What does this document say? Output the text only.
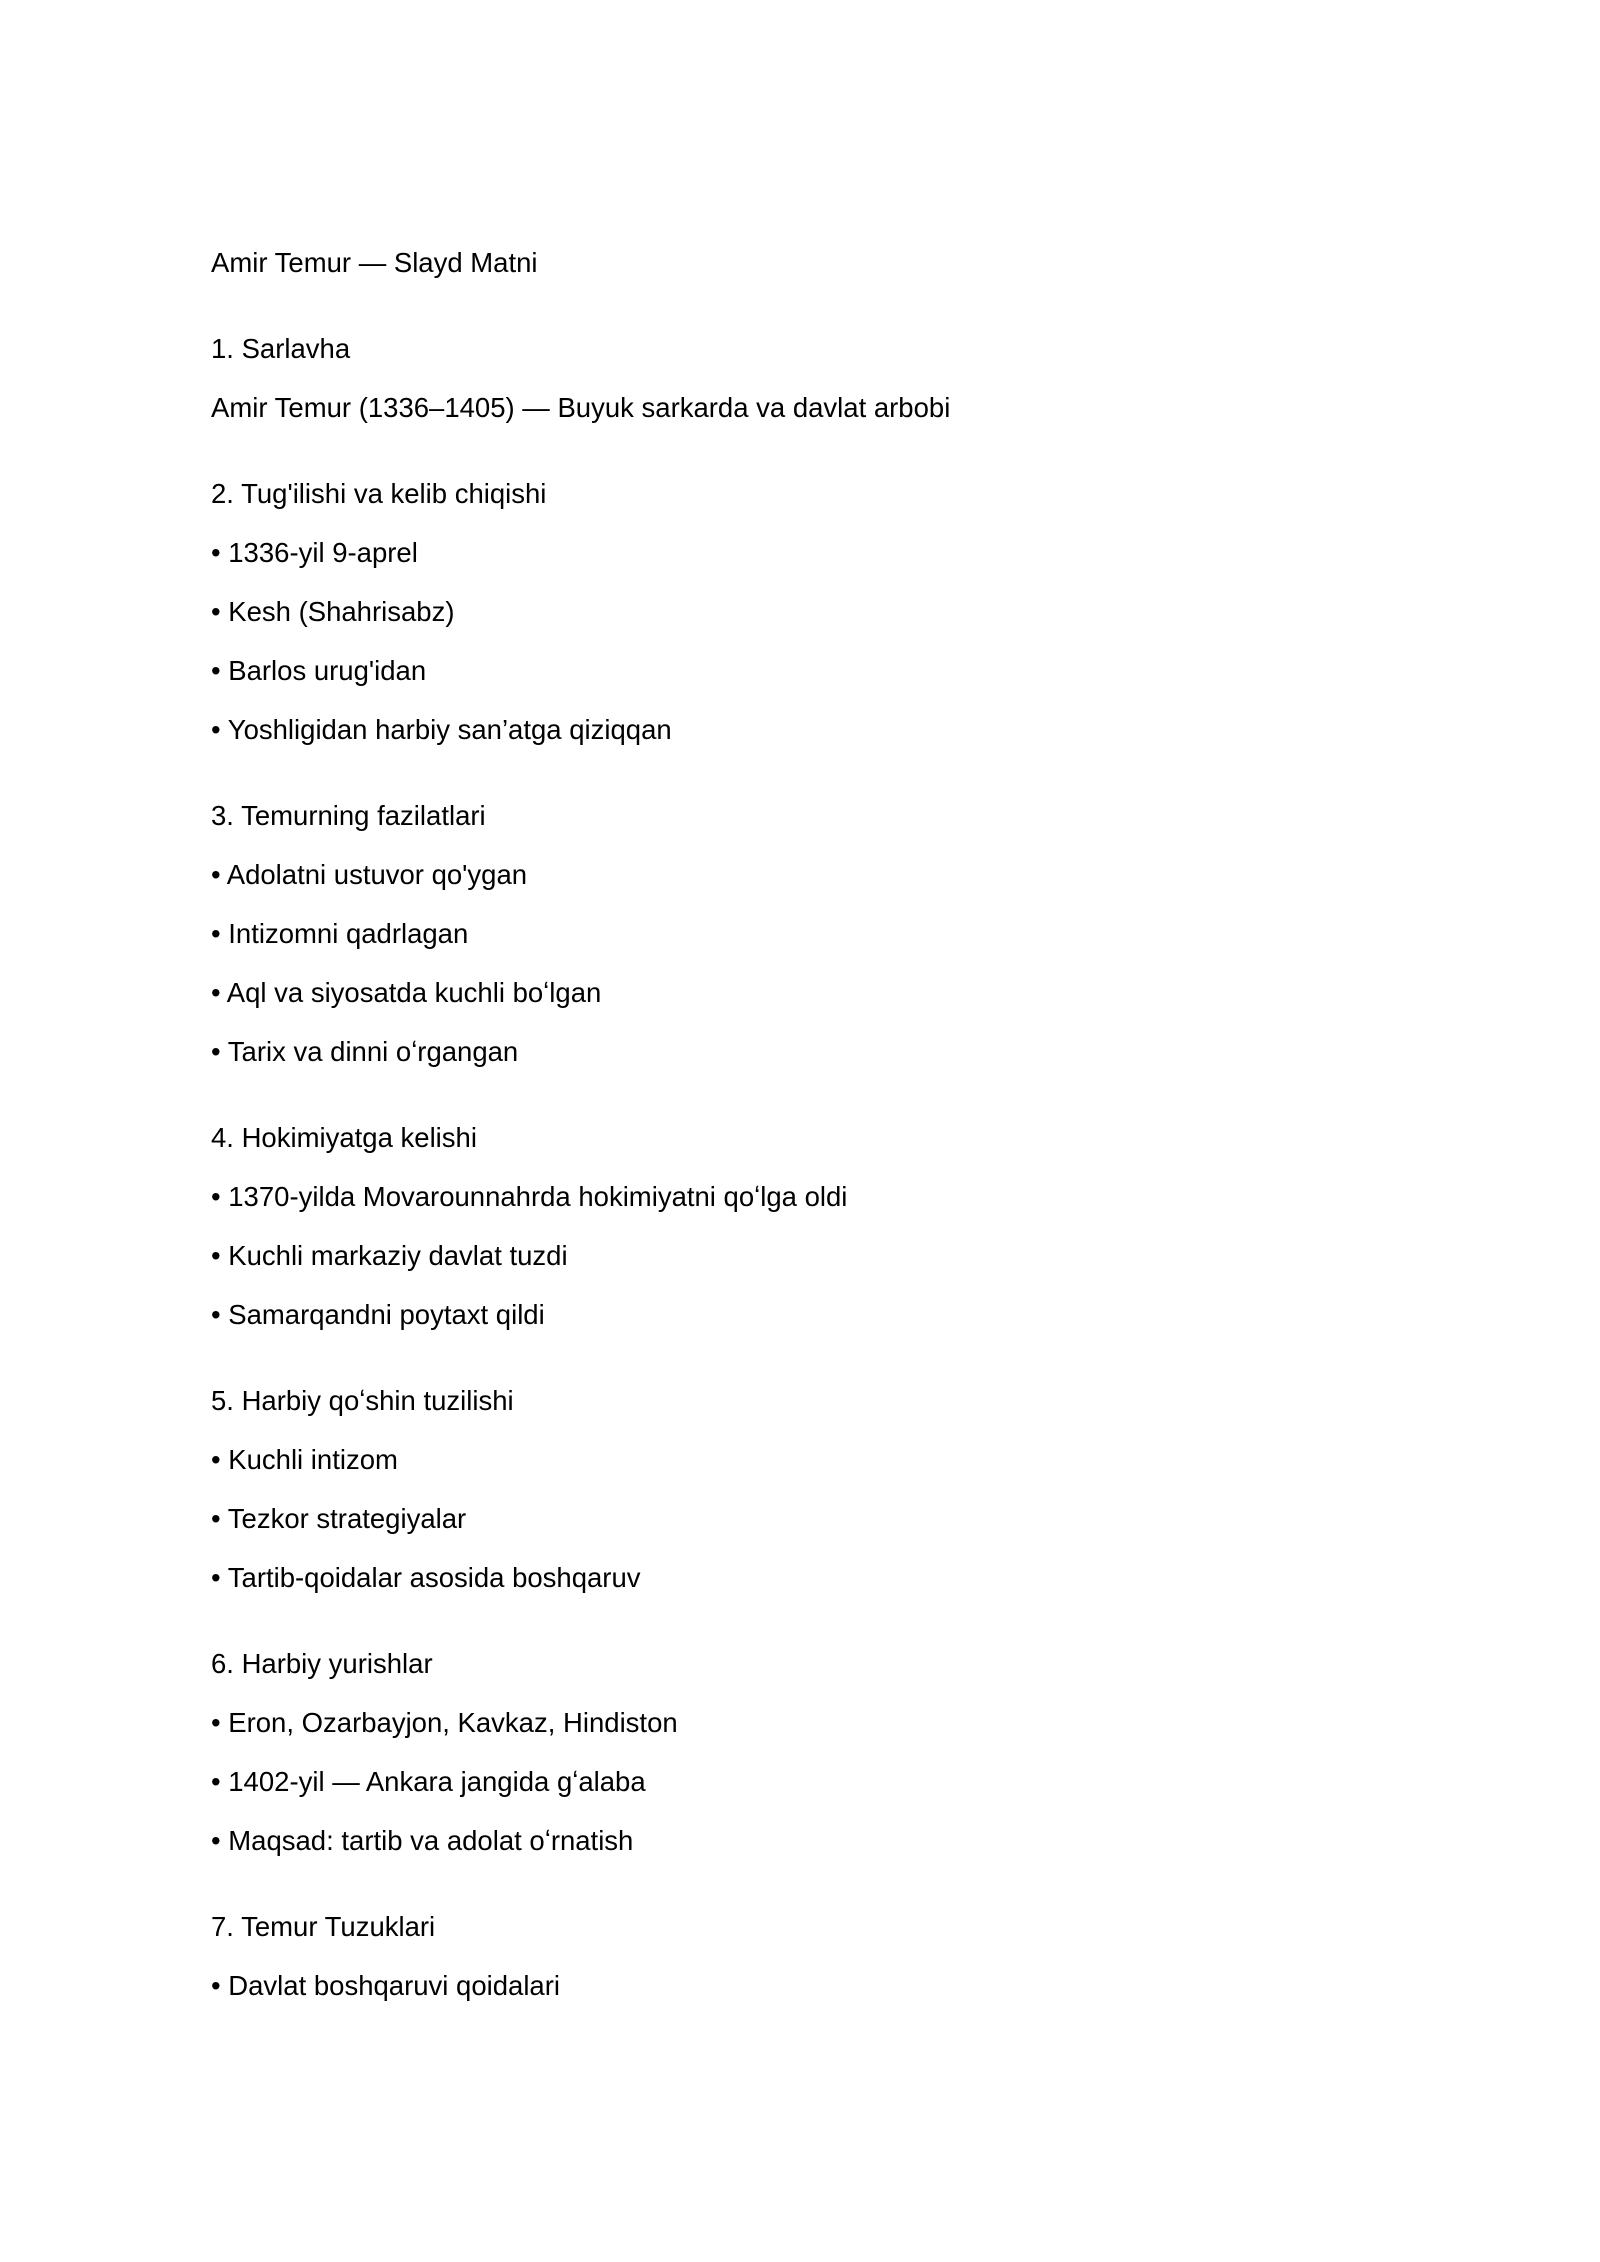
Amir Temur — Slayd Matni
1. Sarlavha
Amir Temur (1336–1405) — Buyuk sarkarda va davlat arbobi
2. Tug'ilishi va kelib chiqishi
• 1336-yil 9-aprel
• Kesh (Shahrisabz)
• Barlos urug'idan
• Yoshligidan harbiy san’atga qiziqqan
3. Temurning fazilatlari
• Adolatni ustuvor qo'ygan
• Intizomni qadrlagan
• Aql va siyosatda kuchli boʻlgan
• Tarix va dinni oʻrgangan
4. Hokimiyatga kelishi
• 1370-yilda Movarounnahrda hokimiyatni qoʻlga oldi
• Kuchli markaziy davlat tuzdi
• Samarqandni poytaxt qildi
5. Harbiy qoʻshin tuzilishi
• Kuchli intizom
• Tezkor strategiyalar
• Tartib-qoidalar asosida boshqaruv
6. Harbiy yurishlar
• Eron, Ozarbayjon, Kavkaz, Hindiston
• 1402-yil — Ankara jangida gʻalaba
• Maqsad: tartib va adolat oʻrnatish
7. Temur Tuzuklari
• Davlat boshqaruvi qoidalari
